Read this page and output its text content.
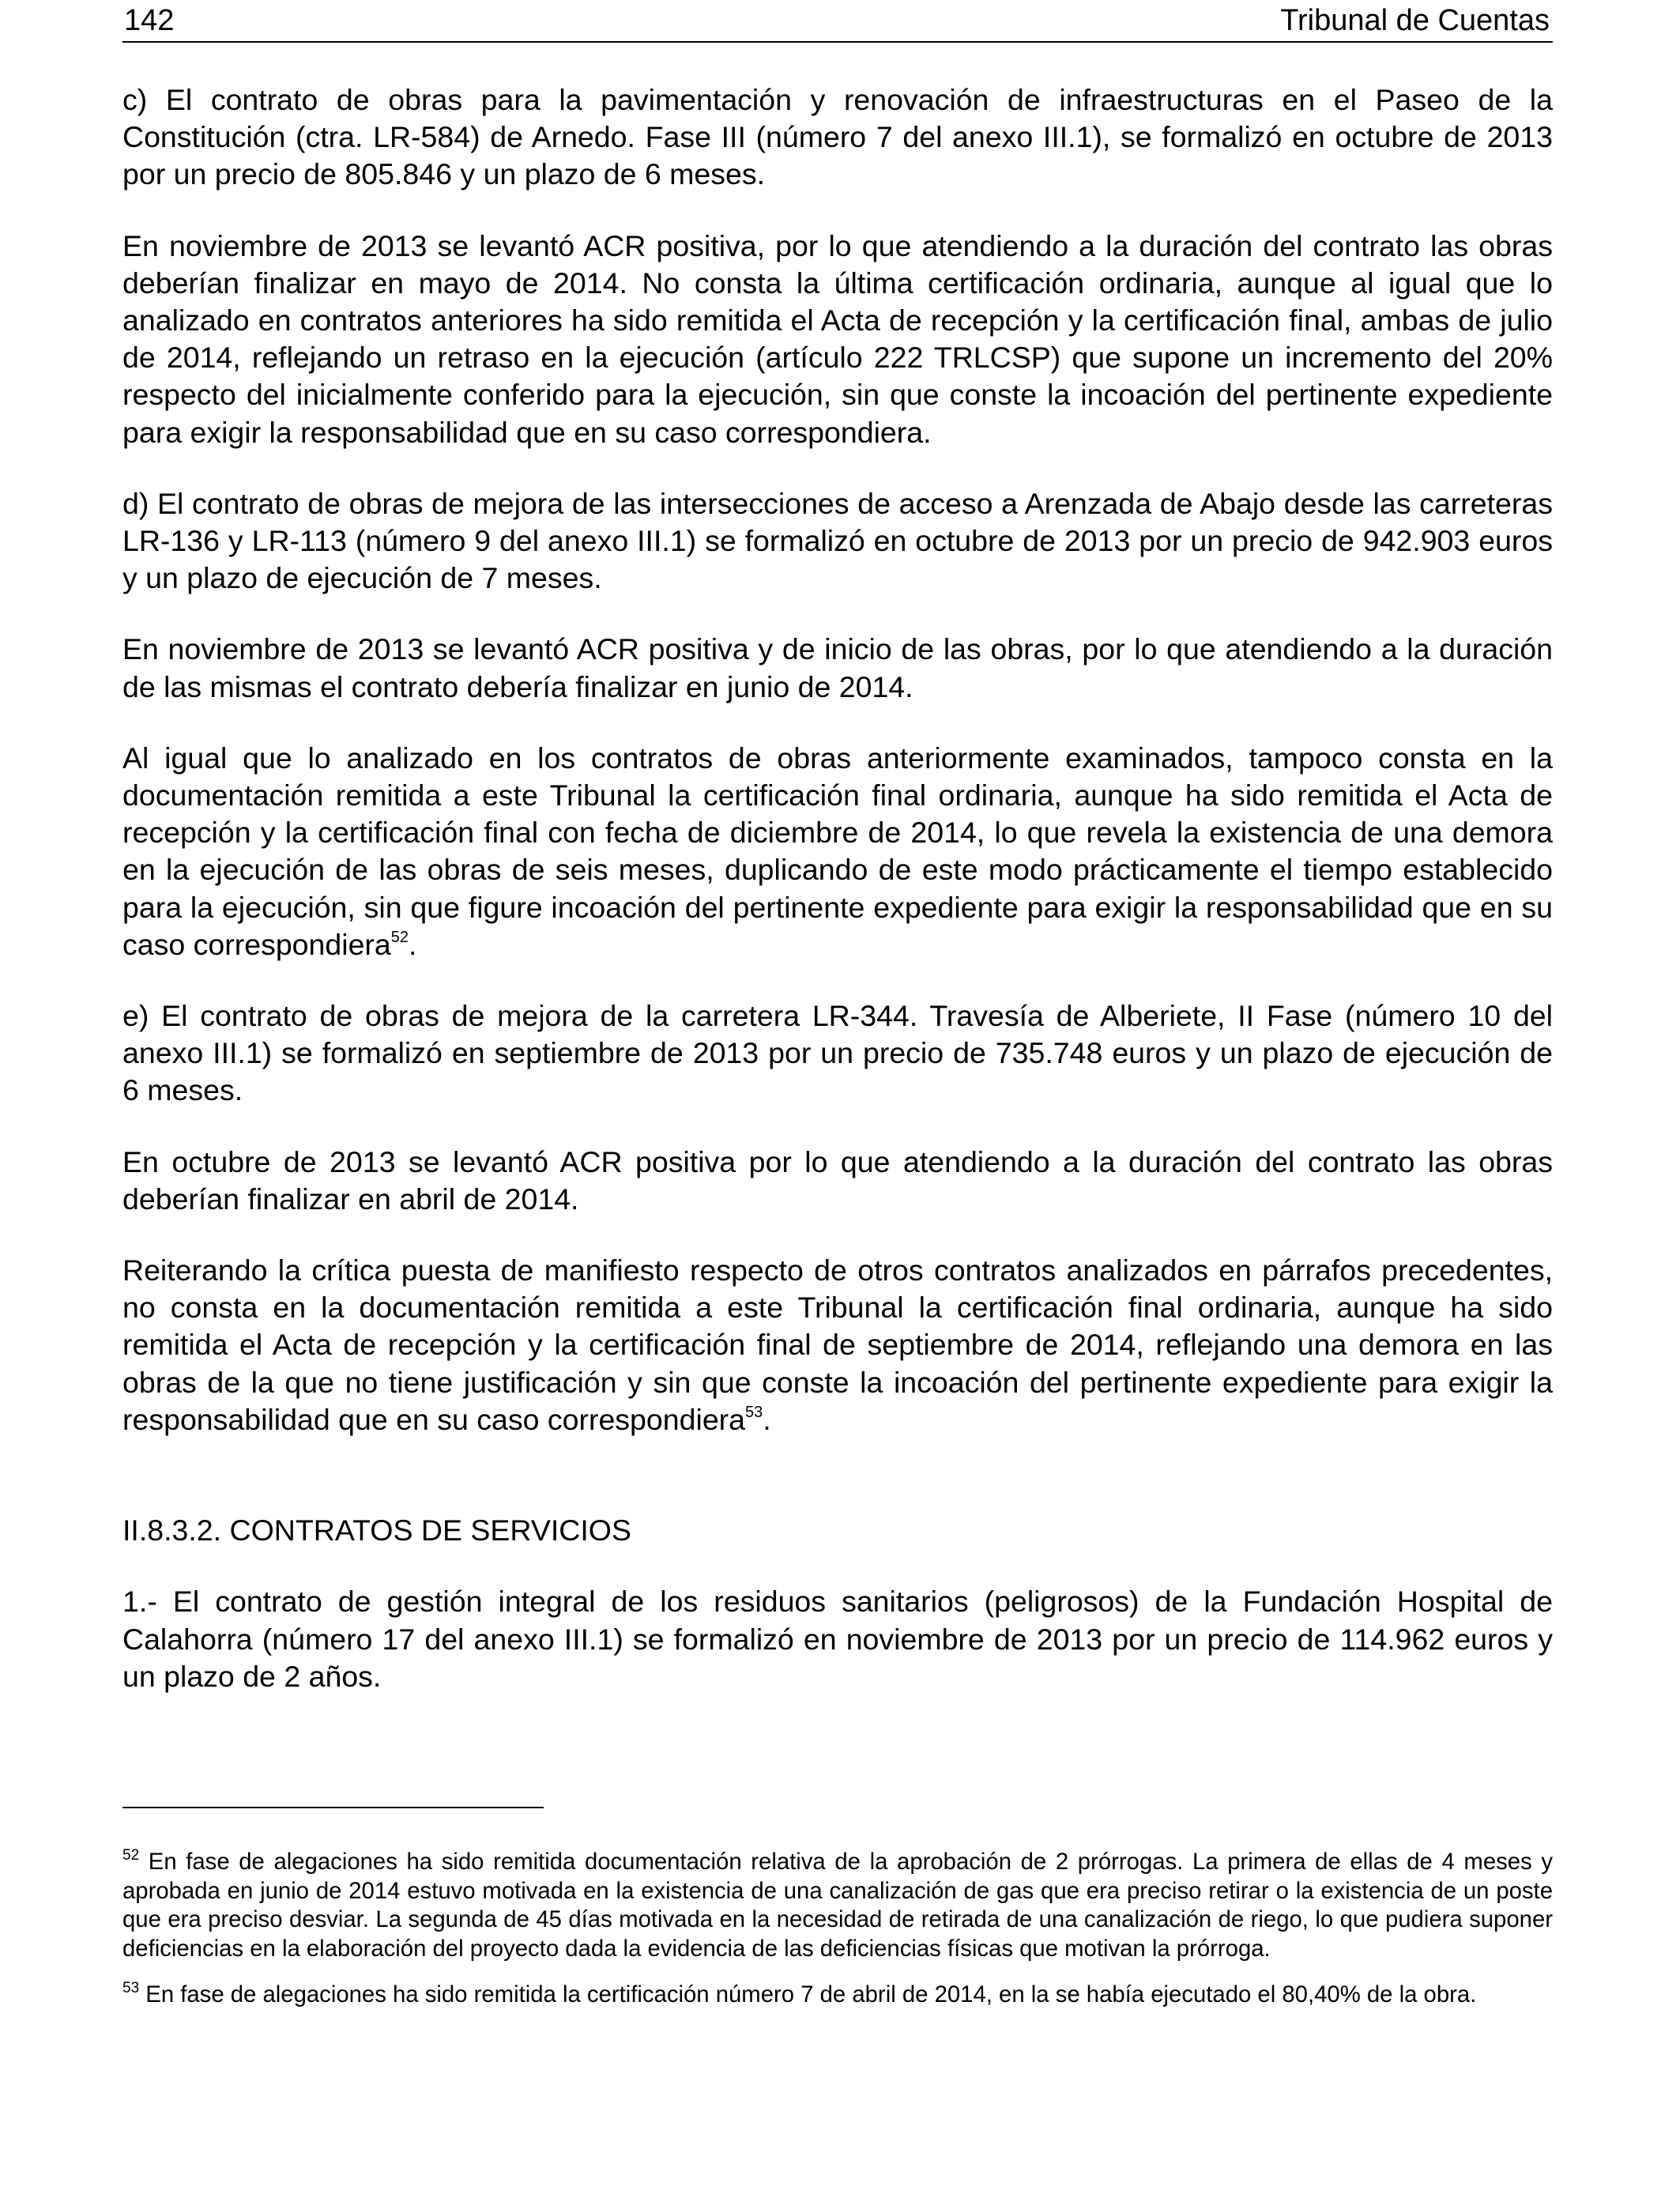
142	Tribunal de Cuentas

c) El contrato de obras para la pavimentación y renovación de infraestructuras en el Paseo de la Constitución (ctra. LR-584) de Arnedo. Fase III (número 7 del anexo III.1), se formalizó en octubre de 2013 por un precio de 805.846 y un plazo de 6 meses.

En noviembre de 2013 se levantó ACR positiva, por lo que atendiendo a la duración del contrato las obras deberían finalizar en mayo de 2014. No consta la última certificación ordinaria, aunque al igual que lo analizado en contratos anteriores ha sido remitida el Acta de recepción y la certificación final, ambas de julio de 2014, reflejando un retraso en la ejecución (artículo 222 TRLCSP) que supone un incremento del 20% respecto del inicialmente conferido para la ejecución, sin que conste la incoación del pertinente expediente para exigir la responsabilidad que en su caso correspondiera.

d) El contrato de obras de mejora de las intersecciones de acceso a Arenzada de Abajo desde las carreteras LR-136 y LR-113 (número 9 del anexo III.1) se formalizó en octubre de 2013 por un precio de 942.903 euros y un plazo de ejecución de 7 meses.

En noviembre de 2013 se levantó ACR positiva y de inicio de las obras, por lo que atendiendo a la duración de las mismas el contrato debería finalizar en junio de 2014.

Al igual que lo analizado en los contratos de obras anteriormente examinados, tampoco consta en la documentación remitida a este Tribunal la certificación final ordinaria, aunque ha sido remitida el Acta de recepción y la certificación final con fecha de diciembre de 2014, lo que revela la existencia de una demora en la ejecución de las obras de seis meses, duplicando de este modo prácticamente el tiempo establecido para la ejecución, sin que figure incoación del pertinente expediente para exigir la responsabilidad que en su caso correspondiera$^{52}$.

e) El contrato de obras de mejora de la carretera LR-344. Travesía de Alberiete, II Fase (número 10 del anexo III.1) se formalizó en septiembre de 2013 por un precio de 735.748 euros y un plazo de ejecución de 6 meses.

En octubre de 2013 se levantó ACR positiva por lo que atendiendo a la duración del contrato las obras deberían finalizar en abril de 2014.

Reiterando la crítica puesta de manifiesto respecto de otros contratos analizados en párrafos precedentes, no consta en la documentación remitida a este Tribunal la certificación final ordinaria, aunque ha sido remitida el Acta de recepción y la certificación final de septiembre de 2014, reflejando una demora en las obras de la que no tiene justificación y sin que conste la incoación del pertinente expediente para exigir la responsabilidad que en su caso correspondiera$^{53}$.

II.8.3.2. CONTRATOS DE SERVICIOS

1.- El contrato de gestión integral de los residuos sanitarios (peligrosos) de la Fundación Hospital de Calahorra (número 17 del anexo III.1) se formalizó en noviembre de 2013 por un precio de 114.962 euros y un plazo de 2 años.

$^{52}$ En fase de alegaciones ha sido remitida documentación relativa de la aprobación de 2 prórrogas. La primera de ellas de 4 meses y aprobada en junio de 2014 estuvo motivada en la existencia de una canalización de gas que era preciso retirar o la existencia de un poste que era preciso desviar. La segunda de 45 días motivada en la necesidad de retirada de una canalización de riego, lo que pudiera suponer deficiencias en la elaboración del proyecto dada la evidencia de las deficiencias físicas que motivan la prórroga.

$^{53}$ En fase de alegaciones ha sido remitida la certificación número 7 de abril de 2014, en la se había ejecutado el 80,40% de la obra.
